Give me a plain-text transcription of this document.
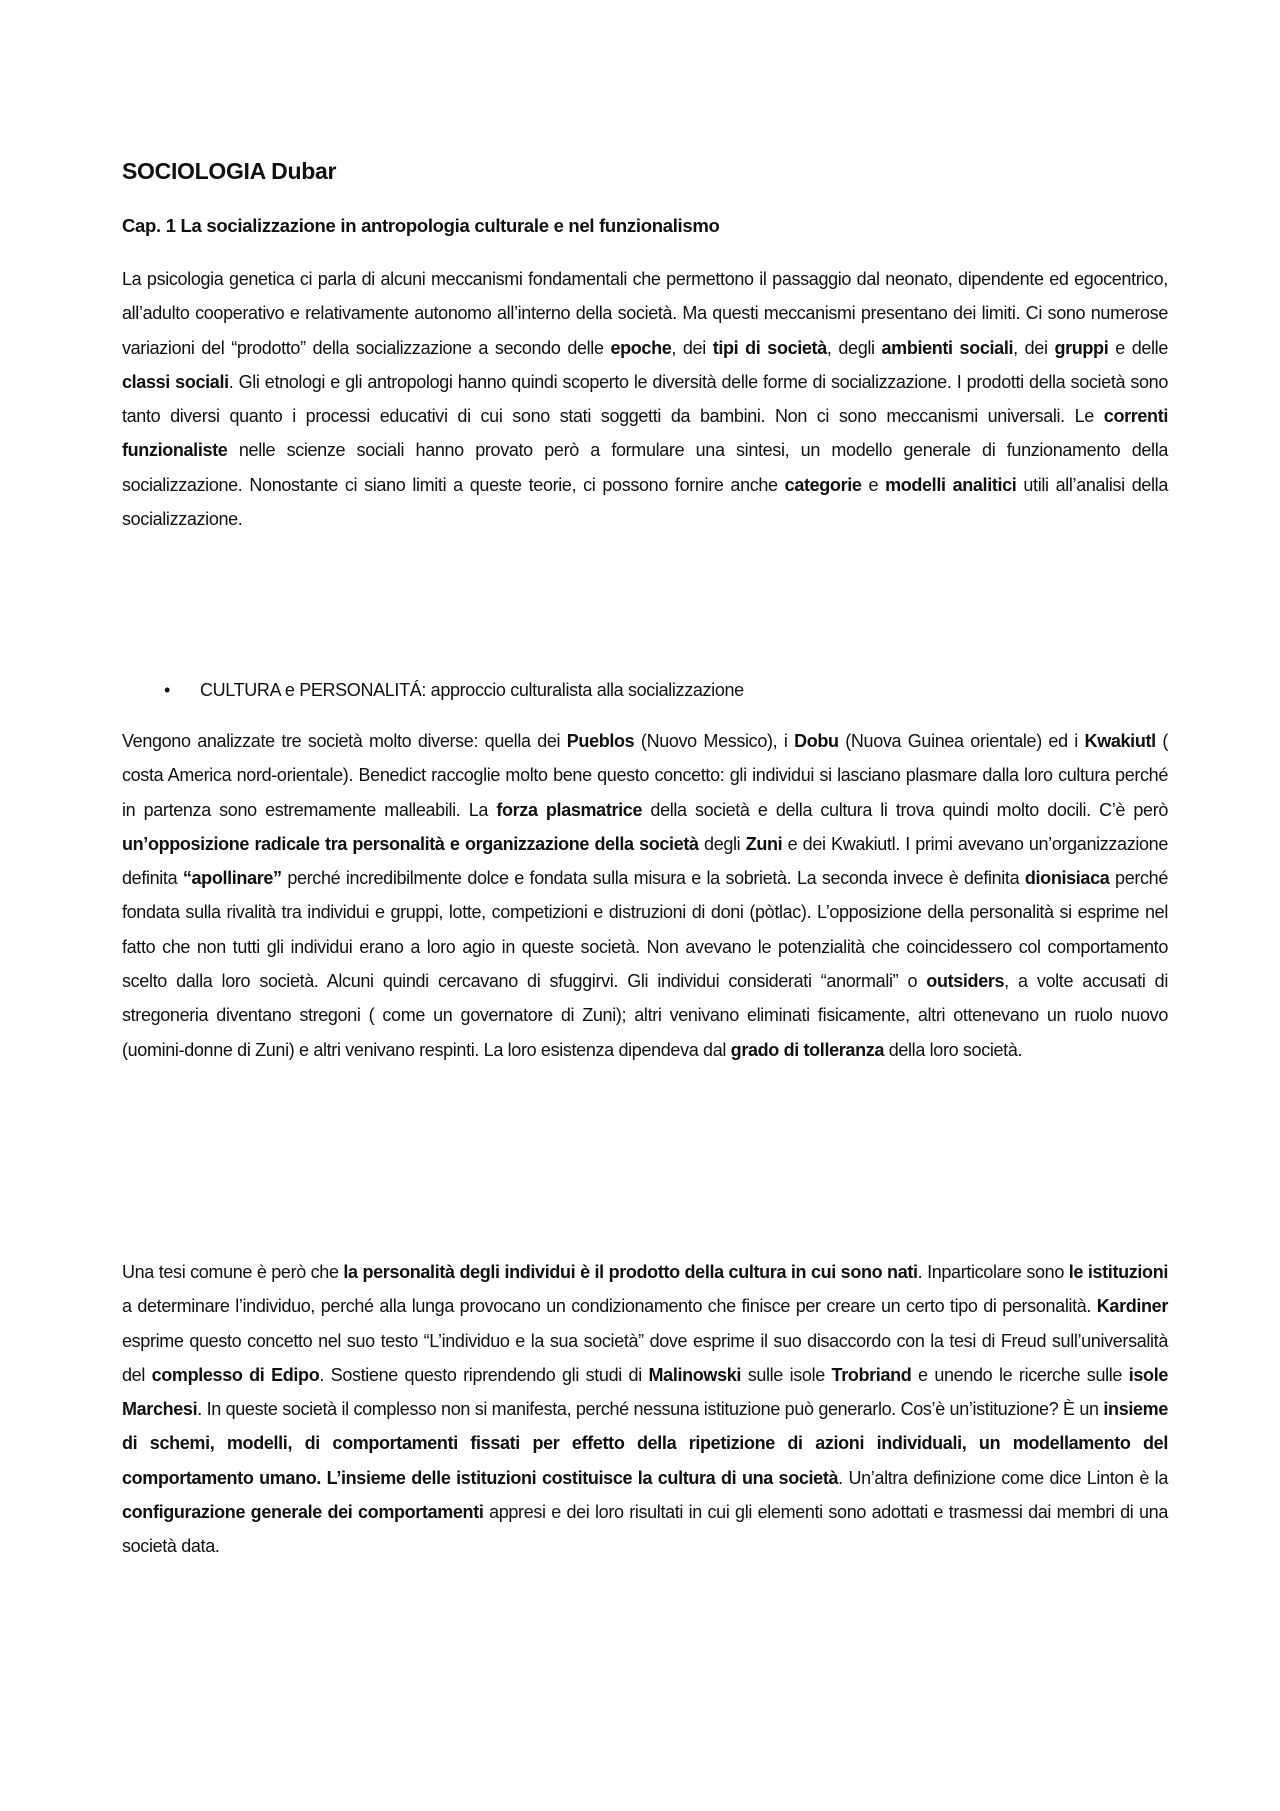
SOCIOLOGIA Dubar
Cap. 1 La socializzazione in antropologia culturale e nel funzionalismo

La psicologia genetica ci parla di alcuni meccanismi fondamentali che permettono il passaggio dal neonato, dipendente ed egocentrico, all’adulto cooperativo e relativamente autonomo all’interno della società. Ma questi meccanismi presentano dei limiti. Ci sono numerose variazioni del “prodotto” della socializzazione a secondo delle epoche, dei tipi di società, degli ambienti sociali, dei gruppi e delle classi sociali. Gli etnologi e gli antropologi hanno quindi scoperto le diversità delle forme di socializzazione. I prodotti della società sono tanto diversi quanto i processi educativi di cui sono stati soggetti da bambini. Non ci sono meccanismi universali. Le correnti funzionaliste nelle scienze sociali hanno provato però a formulare una sintesi, un modello generale di funzionamento della socializzazione. Nonostante ci siano limiti a queste teorie, ci possono fornire anche categorie e modelli analitici utili all’analisi della socializzazione.

• CULTURA e PERSONALITÁ: approccio culturalista alla socializzazione

Vengono analizzate tre società molto diverse: quella dei Pueblos (Nuovo Messico), i Dobu (Nuova Guinea orientale) ed i Kwakiutl ( costa America nord-orientale). Benedict raccoglie molto bene questo concetto: gli individui si lasciano plasmare dalla loro cultura perché in partenza sono estremamente malleabili. La forza plasmatrice della società e della cultura li trova quindi molto docili. C’è però un’opposizione radicale tra personalità e organizzazione della società degli Zuni e dei Kwakiutl. I primi avevano un’organizzazione definita “apollinare” perché incredibilmente dolce e fondata sulla misura e la sobrietà. La seconda invece è definita dionisiaca perché fondata sulla rivalità tra individui e gruppi, lotte, competizioni e distruzioni di doni (pòtlac). L’opposizione della personalità si esprime nel fatto che non tutti gli individui erano a loro agio in queste società. Non avevano le potenzialità che coincidessero col comportamento scelto dalla loro società. Alcuni quindi cercavano di sfuggirvi. Gli individui considerati “anormali” o outsiders, a volte accusati di stregoneria diventano stregoni ( come un governatore di Zuni); altri venivano eliminati fisicamente, altri ottenevano un ruolo nuovo (uomini-donne di Zuni) e altri venivano respinti. La loro esistenza dipendeva dal grado di tolleranza della loro società.

Una tesi comune è però che la personalità degli individui è il prodotto della cultura in cui sono nati. Inparticolare sono le istituzioni a determinare l’individuo, perché alla lunga provocano un condizionamento che finisce per creare un certo tipo di personalità. Kardiner esprime questo concetto nel suo testo “L’individuo e la sua società” dove esprime il suo disaccordo con la tesi di Freud sull’universalità del complesso di Edipo. Sostiene questo riprendendo gli studi di Malinowski sulle isole Trobriand e unendo le ricerche sulle isole Marchesi. In queste società il complesso non si manifesta, perché nessuna istituzione può generarlo. Cos’è un’istituzione? È un insieme di schemi, modelli, di comportamenti fissati per effetto della ripetizione di azioni individuali, un modellamento del comportamento umano. L’insieme delle istituzioni costituisce la cultura di una società. Un’altra definizione come dice Linton è la configurazione generale dei comportamenti appresi e dei loro risultati in cui gli elementi sono adottati e trasmessi dai membri di una società data.
